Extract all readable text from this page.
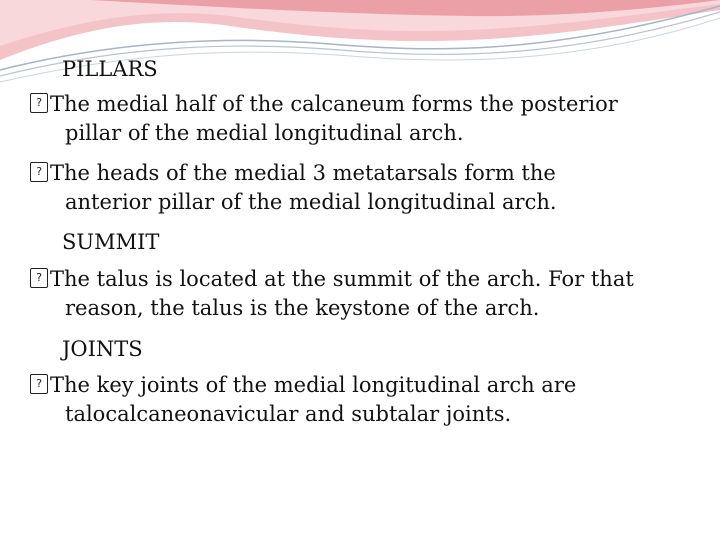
PILLARS
? The medial half of the calcaneum forms the posterior
pillar of the medial longitudinal arch.
? The heads of the medial 3 metatarsals form the
anterior pillar of the medial longitudinal arch.
SUMMIT
? The talus is located at the summit of the arch. For that
reason, the talus is the keystone of the arch.
JOINTS
? The key joints of the medial longitudinal arch are
talocalcaneonavicular and subtalar joints.
